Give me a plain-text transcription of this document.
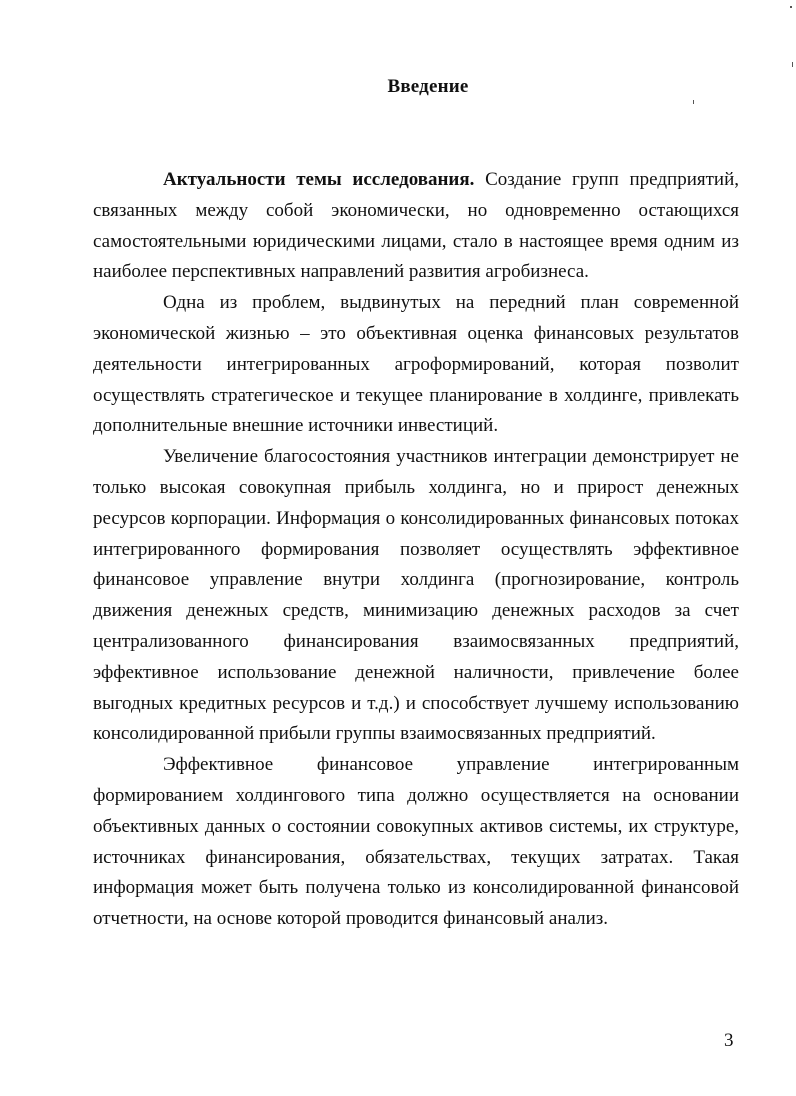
Введение

Актуальности темы исследования. Создание групп предприятий, связанных между собой экономически, но одновременно остающихся самостоятельными юридическими лицами, стало в настоящее время одним из наиболее перспективных направлений развития агробизнеса.

Одна из проблем, выдвинутых на передний план современной экономической жизнью – это объективная оценка финансовых результатов деятельности интегрированных агроформирований, которая позволит осуществлять стратегическое и текущее планирование в холдинге, привлекать дополнительные внешние источники инвестиций.

Увеличение благосостояния участников интеграции демонстрирует не только высокая совокупная прибыль холдинга, но и прирост денежных ресурсов корпорации. Информация о консолидированных финансовых потоках интегрированного формирования позволяет осуществлять эффективное финансовое управление внутри холдинга (прогнозирование, контроль движения денежных средств, минимизацию денежных расходов за счет централизованного финансирования взаимосвязанных предприятий, эффективное использование денежной наличности, привлечение более выгодных кредитных ресурсов и т.д.) и способствует лучшему использованию консолидированной прибыли группы взаимосвязанных предприятий.

Эффективное финансовое управление интегрированным формированием холдингового типа должно осуществляется на основании объективных данных о состоянии совокупных активов системы, их структуре, источниках финансирования, обязательствах, текущих затратах. Такая информация может быть получена только из консолидированной финансовой отчетности, на основе которой проводится финансовый анализ.

3
